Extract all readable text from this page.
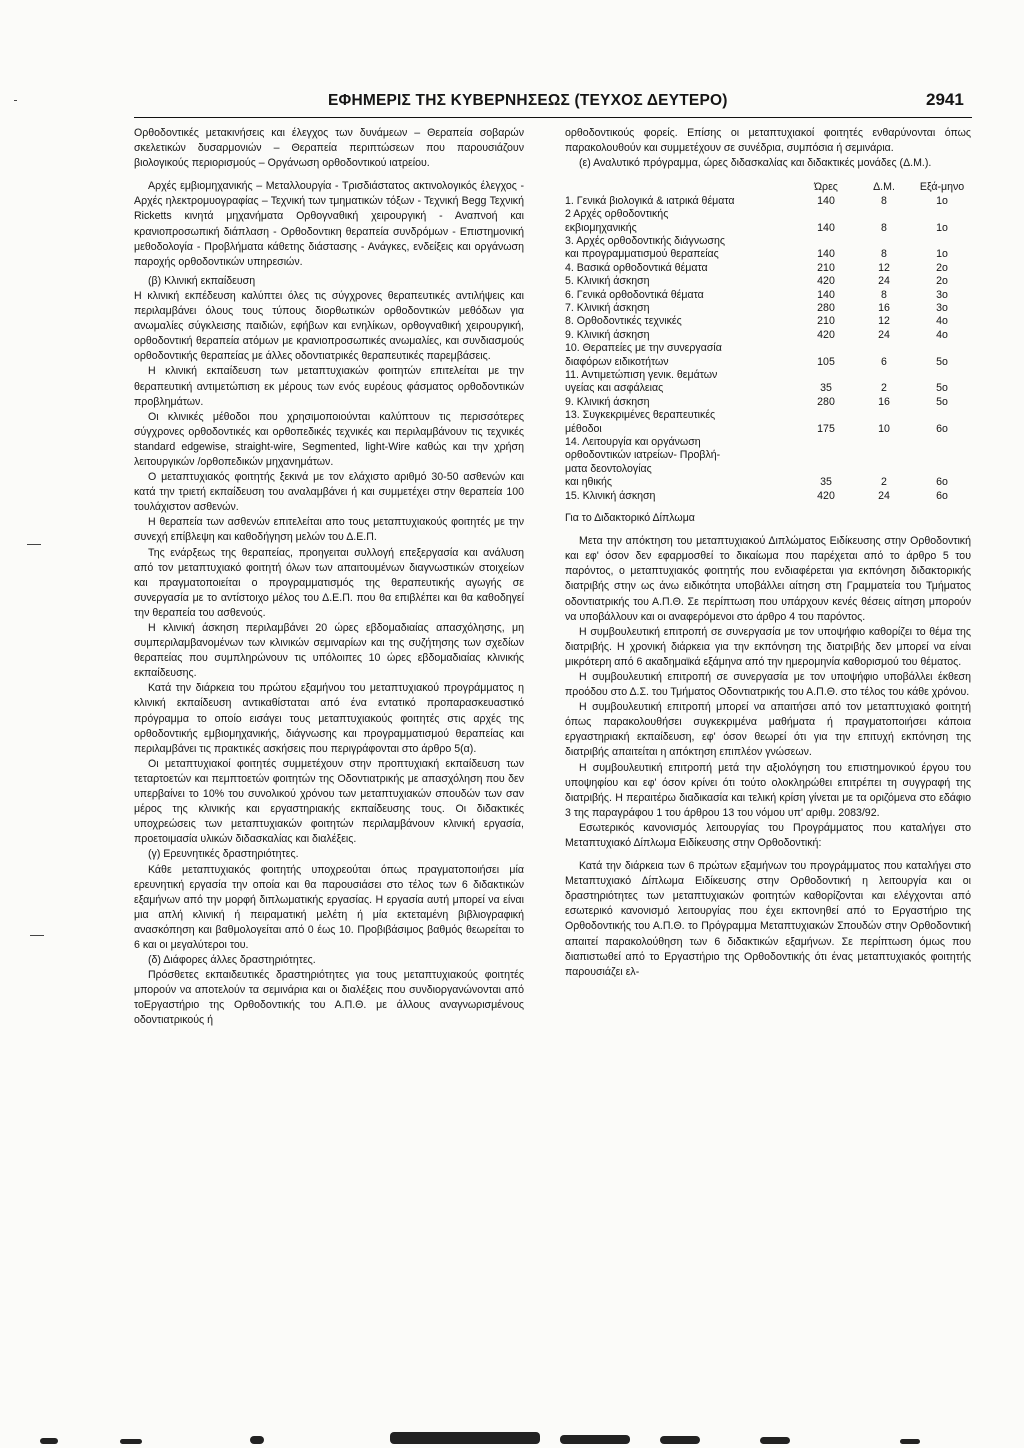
ΕΦΗΜΕΡΙΣ ΤΗΣ ΚΥΒΕΡΝΗΣΕΩΣ (ΤΕΥΧΟΣ ΔΕΥΤΕΡΟ)	2941

Ορθοδοντικές μετακινήσεις και έλεγχος των δυνάμεων – Θεραπεία σοβαρών σκελετικών δυσαρμονιών – Θεραπεία περιπτώσεων που παρουσιάζουν βιολογικούς περιορισμούς – Οργάνωση ορθοδοντικού ιατρείου.

Αρχές εμβιομηχανικής – Μεταλλουργία - Τρισδιάστατος ακτινολογικός έλεγχος - Αρχές ηλεκτρομυογραφίας – Τεχνική των τμηματικών τόξων - Τεχνική Begg Τεχνική Ricketts κινητά μηχανήματα Ορθογναθική χειρουργική - Αναπνοή και κρανιοπροσωπική διάπλαση - Ορθοδοντικη θεραπεία συνδρόμων - Επιστημονική μεθοδολογία - Προβλήματα κάθετης διάστασης - Ανάγκες, ενδείξεις και οργάνωση παροχής ορθοδοντικών υπηρεσιών.

(β) Κλινική εκπαίδευση

Η κλινική εκπέδευση καλύπτει όλες τις σύγχρονες θεραπευτικές αντιλήψεις και περιλαμβάνει όλους τους τύπους διορθωτικών ορθοδοντικών μεθόδων για ανωμαλίες σύγκλεισης παιδιών, εφήβων και ενηλίκων, ορθογναθική χειρουργική, ορθοδοντική θεραπεία ατόμων με κρανιοπροσωπικές ανωμαλίες, και συνδιασμούς ορθοδοντικής θεραπείας με άλλες οδοντιατρικές θεραπευτικές παρεμβάσεις.

Η κλινική εκπαίδευση των μεταπτυχιακών φοιτητών επιτελείται με την θεραπευτική αντιμετώπιση εκ μέρους των ενός ευρέους φάσματος ορθοδοντικών προβλημάτων.

Οι κλινικές μέθοδοι που χρησιμοποιούνται καλύπτουν τις περισσότερες σύγχρονες ορθοδοντικές και ορθοπεδικές τεχνικές και περιλαμβάνουν τις τεχνικές standard edgewise, straight-wire, Segmented, light-Wire καθώς και την χρήση λειτουργικών /ορθοπεδικών μηχανημάτων.

Ο μεταπτυχιακός φοιτητής ξεκινά με τον ελάχιστο αριθμό 30-50 ασθενών και κατά την τριετή εκπαίδευση του αναλαμβάνει ή και συμμετέχει στην θεραπεία 100 τουλάχιστον ασθενών.

Η θεραπεία των ασθενών επιτελείται απο τους μεταπτυχιακούς φοιτητές με την συνεχή επίβλεψη και καθοδήγηση μελών του Δ.Ε.Π.

Της ενάρξεως της θεραπείας, προηγειται συλλογή επεξεργασία και ανάλυση από τον μεταπτυχιακό φοιτητή όλων των απαιτουμένων διαγνωστικών στοιχείων και πραγματοποιείται ο προγραμματισμός της θεραπευτικής αγωγής σε συνεργασία με το αντίστοιχο μέλος του Δ.Ε.Π. που θα επιβλέπει και θα καθοδηγεί την θεραπεία του ασθενούς.

Η κλινική άσκηση περιλαμβάνει 20 ώρες εβδομαδιαίας απασχόλησης, μη συμπεριλαμβανομένων των κλινικών σεμιναρίων και της συζήτησης των σχεδίων θεραπείας που συμπληρώνουν τις υπόλοιπες 10 ώρες εβδομαδιαίας κλινικής εκπαίδευσης.

Κατά την διάρκεια του πρώτου εξαμήνου του μεταπτυχιακού προγράμματος η κλινική εκπαίδευση αντικαθίσταται από ένα εντατικό προπαρασκευαστικό πρόγραμμα το οποίο εισάγει τους μεταπτυχιακούς φοιτητές στις αρχές της ορθοδοντικής εμβιομηχανικής, διάγνωσης και προγραμματισμού θεραπείας και περιλαμβάνει τις πρακτικές ασκήσεις που περιγράφονται στο άρθρο 5(α).

Οι μεταπτυχιακοί φοιτητές συμμετέχουν στην προπτυχιακή εκπαίδευση των τεταρτοετών και πεμπτοετών φοιτητών της Οδοντιατρικής με απασχόληση που δεν υπερβαίνει το 10% του συνολικού χρόνου των μεταπτυχιακών σπουδών των σαν μέρος της κλινικής και εργαστηριακής εκπαίδευσης τους. Οι διδακτικές υποχρεώσεις των μεταπτυχιακών φοιτητών περιλαμβάνουν κλινική εργασία, προετοιμασία υλικών διδασκαλίας και διαλέξεις.

(γ) Ερευνητικές δραστηριότητες.

Κάθε μεταπτυχιακός φοιτητής υποχρεούται όπως πραγματοποιήσει μία ερευνητική εργασία την οποία και θα παρουσιάσει στο τέλος των 6 διδακτικών εξαμήνων από την μορφή διπλωματικής εργασίας. Η εργασία αυτή μπορεί να είναι μια απλή κλινική ή πειραματική μελέτη ή μία εκτεταμένη βιβλιογραφική ανασκόπηση και βαθμολογείται από 0 έως 10. Προβιβάσιμος βαθμός θεωρείται το 6 και οι μεγαλύτεροι του.

(δ) Διάφορες άλλες δραστηριότητες.

Πρόσθετες εκπαιδευτικές δραστηριότητες για τους μεταπτυχιακούς φοιτητές μπορούν να αποτελούν τα σεμινάρια και οι διαλέξεις που συνδιοργανώνονται από τοΕργαστήριο της Ορθοδοντικής του Α.Π.Θ. με άλλους αναγνωρισμένους οδοντιατρικούς ή

ορθοδοντικούς φορείς. Επίσης οι μεταπτυχιακοί φοιτητές ενθαρύνονται όπως παρακολουθούν και συμμετέχουν σε συνέδρια, συμπόσια ή σεμινάρια.

(ε) Αναλυτικό πρόγραμμα, ώρες διδασκαλίας και διδακτικές μονάδες (Δ.Μ.).

	Ώρες	Δ.Μ.	Εξά-μηνο

1. Γενικά βιολογικά & ιατρικά θέματα	140	8	1o

2 Αρχές ορθοδοντικής
εκβιομηχανικής	140	8	1o

3. Αρχές ορθοδοντικής διάγνωσης
και προγραμματισμού θεραπείας	140	8	1o

4. Βασικά ορθοδοντικά θέματα	210	12	2o

5. Κλινική άσκηση	420	24	2o

6. Γενικά ορθοδοντικά θέματα	140	8	3o

7. Κλινική άσκηση	280	16	3o

8. Ορθοδοντικές τεχνικές	210	12	4o

9. Κλινική άσκηση	420	24	4o

10. Θεραπείες με την συνεργασία
διαφόρων ειδικοτήτων	105	6	5o

11. Αντιμετώπιση γενικ. θεμάτων
υγείας και ασφάλειας	35	2	5o

9. Κλινική άσκηση	280	16	5o

13. Συγκεκριμένες θεραπευτικές
μέθοδοι	175	10	6o

14. Λειτουργία και οργάνωση
ορθοδοντικών ιατρείων- Προβλή-
ματα δεοντολογίας
και ηθικής	35	2	6o

15. Κλινική άσκηση	420	24	6o

Για το Διδακτορικό Δίπλωμα

Μετα την απόκτηση του μεταπτυχιακού Διπλώματος Ειδίκευσης στην Ορθοδοντική και εφ' όσον δεν εφαρμοσθεί το δικαίωμα που παρέχεται από το άρθρο 5 του παρόντος, ο μεταπτυχιακός φοιτητής που ενδιαφέρεται για εκπόνηση διδακτορικής διατριβής στην ως άνω ειδικότητα υποβάλλει αίτηση στη Γραμματεία του Τμήματος οδοντιατρικής του Α.Π.Θ. Σε περίπτωση που υπάρχουν κενές θέσεις αίτηση μπορούν να υποβάλλουν και οι αναφερόμενοι στο άρθρο 4 του παρόντος.

Η συμβουλευτική επιτροπή σε συνεργασία με τον υποψήφιο καθορίζει το θέμα της διατριβής. Η χρονική διάρκεια για την εκπόνηση της διατριβής δεν μπορεί να είναι μικρότερη από 6 ακαδημαϊκά εξάμηνα από την ημερομηνία καθορισμού του θέματος.

Η συμβουλευτική επιτροπή σε συνεργασία με τον υποψήφιο υποβάλλει έκθεση προόδου στο Δ.Σ. του Τμήματος Οδοντιατρικής του Α.Π.Θ. στο τέλος του κάθε χρόνου.

Η συμβουλευτική επιτροπή μπορεί να απαιτήσει από τον μεταπτυχιακό φοιτητή όπως παρακολουθήσει συγκεκριμένα μαθήματα ή πραγματοποιήσει κάποια εργαστηριακή εκπαίδευση, εφ' όσον θεωρεί ότι για την επιτυχή εκπόνηση της διατριβής απαιτείται η απόκτηση επιπλέον γνώσεων.

Η συμβουλευτική επιτροπή μετά την αξιολόγηση του επιστημονικού έργου του υποψηφίου και εφ' όσον κρίνει ότι τούτο ολοκληρώθει επιτρέπει τη συγγραφή της διατριβής. Η περαιτέρω διαδικασία και τελική κρίση γίνεται με τα οριζόμενα στο εδάφιο 3 της παραγράφου 1 του άρθρου 13 του νόμου υπ' αριθμ. 2083/92.

Εσωτερικός κανονισμός λειτουργίας του Προγράμματος που καταλήγει στο Μεταπτυχιακό Δίπλωμα Ειδίκευσης στην Ορθοδοντική:

Κατά την διάρκεια των 6 πρώτων εξαμήνων του προγράμματος που καταλήγει στο Μεταπτυχιακό Δίπλωμα Ειδίκευσης στην Ορθοδοντική η λειτουργία και οι δραστηριότητες των μεταπτυχιακών φοιτητών καθορίζονται και ελέγχονται από εσωτερικό κανονισμό λειτουργίας που έχει εκπονηθεί από το Εργαστήριο της Ορθοδοντικής του Α.Π.Θ. το Πρόγραμμα Μεταπτυχιακών Σπουδών στην Ορθοδοντική απαιτεί παρακολούθηση των 6 διδακτικών εξαμήνων. Σε περίπτωση όμως που διαπιστωθεί από το Εργαστήριο της Ορθοδοντικής ότι ένας μεταπτυχιακός φοιτητής παρουσιάζει ελ-
